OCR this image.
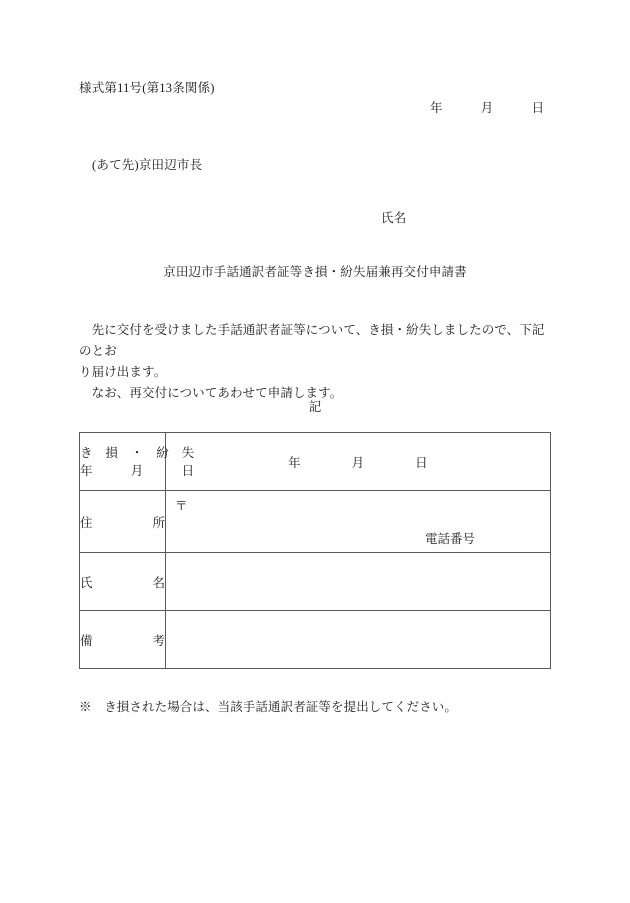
様式第11号(第13条関係)
年　　　月　　　日
(あて先)京田辺市長
氏名
京田辺市手話通訳者証等き損・紛失届兼再交付申請書

　先に交付を受けました手話通訳者証等について、き損・紛失しましたので、下記のとお

り届け出ます。

　なお、再交付についてあわせて申請します。

記
き　損　・　紛　失
年　　　月　　　日	年　　　　月　　　　日

住 所	〒
電話番号

氏 名	

備 考	

※　き損された場合は、当該手話通訳者証等を提出してください。
